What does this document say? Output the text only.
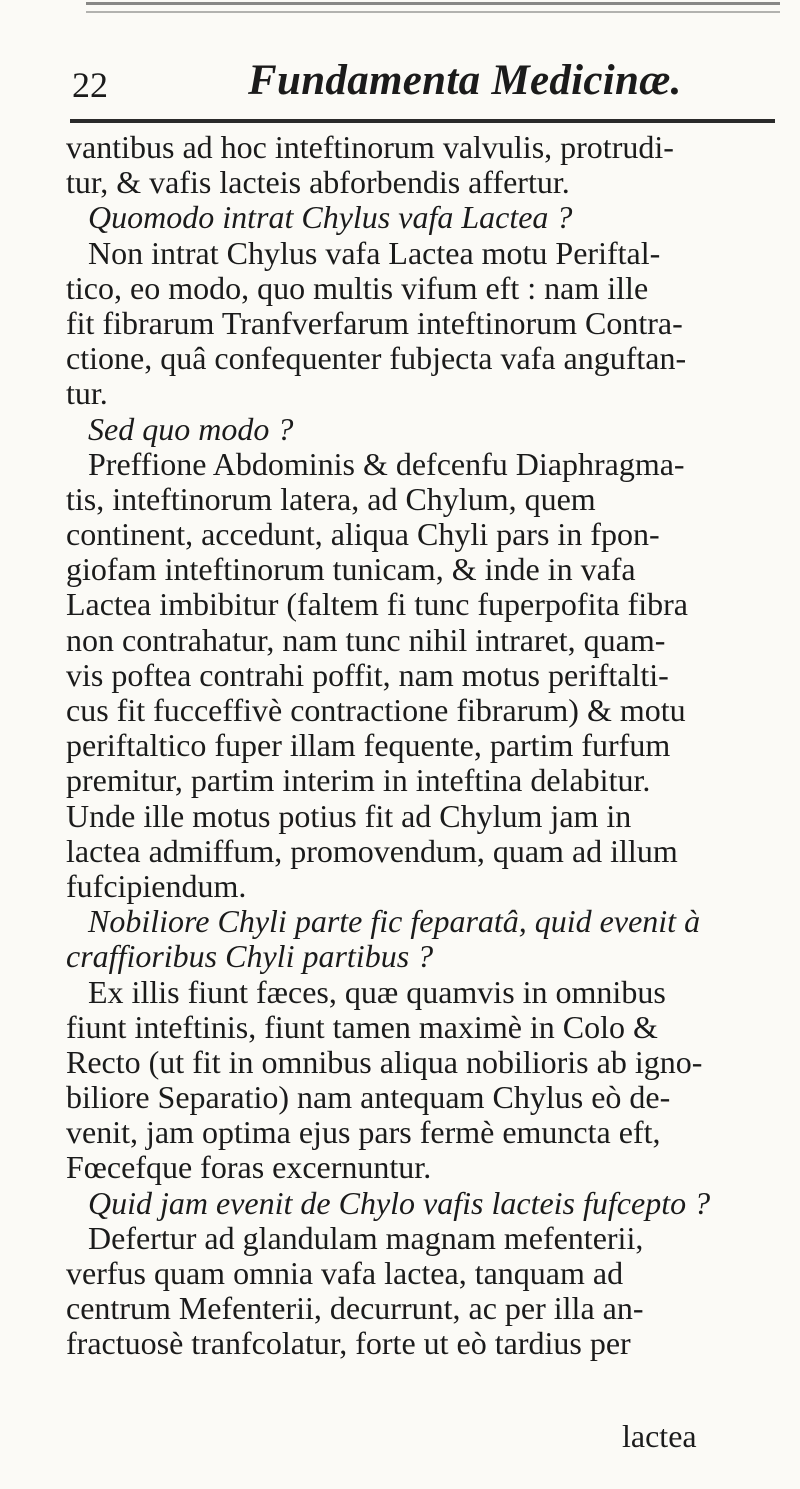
22	Fundamenta Medicinæ.
vantibus ad hoc inteftinorum valvulis, protrudi-
tur, & vafis lacteis abforbendis affertur.
Quomodo intrat Chylus vafa Lactea ?
Non intrat Chylus vafa Lactea motu Periftal-
tico, eo modo, quo multis vifum eft : nam ille
fit fibrarum Tranfverfarum inteftinorum Contra-
ctione, quâ confequenter fubjecta vafa anguftan-
tur.
Sed quo modo ?
Preffione Abdominis & defcenfu Diaphragma-
tis, inteftinorum latera, ad Chylum, quem
continent, accedunt, aliqua Chyli pars in fpon-
giofam inteftinorum tunicam, & inde in vafa
Lactea imbibitur (faltem fi tunc fuperpofita fibra
non contrahatur, nam tunc nihil intraret, quam-
vis poftea contrahi poffit, nam motus periftalti-
cus fit fucceffivè contractione fibrarum) & motu
periftaltico fuper illam fequente, partim furfum
premitur, partim interim in inteftina delabitur.
Unde ille motus potius fit ad Chylum jam in
lactea admiffum, promovendum, quam ad illum
fufcipiendum.
Nobiliore Chyli parte fic feparatâ, quid evenit à
craffioribus Chyli partibus ?
Ex illis fiunt fæces, quæ quamvis in omnibus
fiunt inteftinis, fiunt tamen maximè in Colo &
Recto (ut fit in omnibus aliqua nobilioris ab igno-
biliore Separatio) nam antequam Chylus eò de-
venit, jam optima ejus pars fermè emuncta eft,
Fœcefque foras excernuntur.
Quid jam evenit de Chylo vafis lacteis fufcepto ?
Defertur ad glandulam magnam mefenterii,
verfus quam omnia vafa lactea, tanquam ad
centrum Mefenterii, decurrunt, ac per illa an-
fractuosè tranfcolatur, forte ut eò tardius per
lactea
